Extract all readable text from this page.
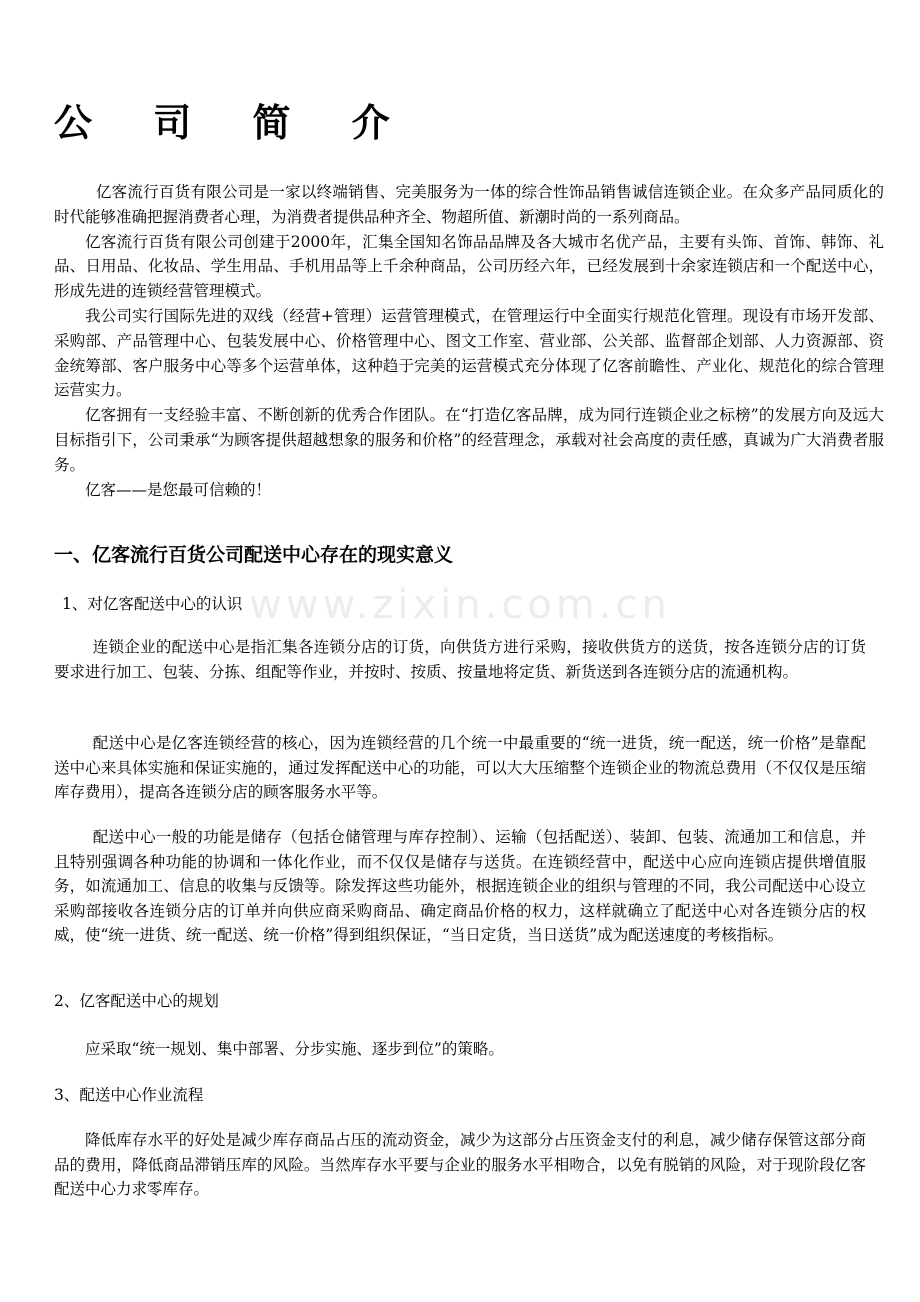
公 司 简 介

亿客流行百货有限公司是一家以终端销售、完美服务为一体的综合性饰品销售诚信连锁企业。在众多产品同质化的时代能够准确把握消费者心理，为消费者提供品种齐全、物超所值、新潮时尚的一系列商品。

亿客流行百货有限公司创建于2000年，汇集全国知名饰品品牌及各大城市名优产品，主要有头饰、首饰、韩饰、礼品、日用品、化妆品、学生用品、手机用品等上千余种商品，公司历经六年，已经发展到十余家连锁店和一个配送中心，形成先进的连锁经营管理模式。

我公司实行国际先进的双线（经营+管理）运营管理模式，在管理运行中全面实行规范化管理。现设有市场开发部、采购部、产品管理中心、包装发展中心、价格管理中心、图文工作室、营业部、公关部、监督部企划部、人力资源部、资金统筹部、客户服务中心等多个运营单体，这种趋于完美的运营模式充分体现了亿客前瞻性、产业化、规范化的综合管理运营实力。

亿客拥有一支经验丰富、不断创新的优秀合作团队。在“打造亿客品牌，成为同行连锁企业之标榜”的发展方向及远大目标指引下，公司秉承“为顾客提供超越想象的服务和价格”的经营理念，承载对社会高度的责任感，真诚为广大消费者服务。

亿客——是您最可信赖的！

一、亿客流行百货公司配送中心存在的现实意义
www.zixin.com.cn
1、对亿客配送中心的认识

连锁企业的配送中心是指汇集各连锁分店的订货，向供货方进行采购，接收供货方的送货，按各连锁分店的订货要求进行加工、包装、分拣、组配等作业，并按时、按质、按量地将定货、新货送到各连锁分店的流通机构。

配送中心是亿客连锁经营的核心，因为连锁经营的几个统一中最重要的“统一进货，统一配送，统一价格”是靠配送中心来具体实施和保证实施的，通过发挥配送中心的功能，可以大大压缩整个连锁企业的物流总费用（不仅仅是压缩库存费用），提高各连锁分店的顾客服务水平等。

配送中心一般的功能是储存（包括仓储管理与库存控制）、运输（包括配送）、装卸、包装、流通加工和信息，并且特别强调各种功能的协调和一体化作业，而不仅仅是储存与送货。在连锁经营中，配送中心应向连锁店提供增值服务，如流通加工、信息的收集与反馈等。除发挥这些功能外，根据连锁企业的组织与管理的不同，我公司配送中心设立采购部接收各连锁分店的订单并向供应商采购商品、确定商品价格的权力，这样就确立了配送中心对各连锁分店的权威，使“统一进货、统一配送、统一价格”得到组织保证，“当日定货，当日送货”成为配送速度的考核指标。

2、亿客配送中心的规划

应采取“统一规划、集中部署、分步实施、逐步到位”的策略。

3、配送中心作业流程

降低库存水平的好处是减少库存商品占压的流动资金，减少为这部分占压资金支付的利息，减少储存保管这部分商品的费用，降低商品滞销压库的风险。当然库存水平要与企业的服务水平相吻合，以免有脱销的风险，对于现阶段亿客配送中心力求零库存。
